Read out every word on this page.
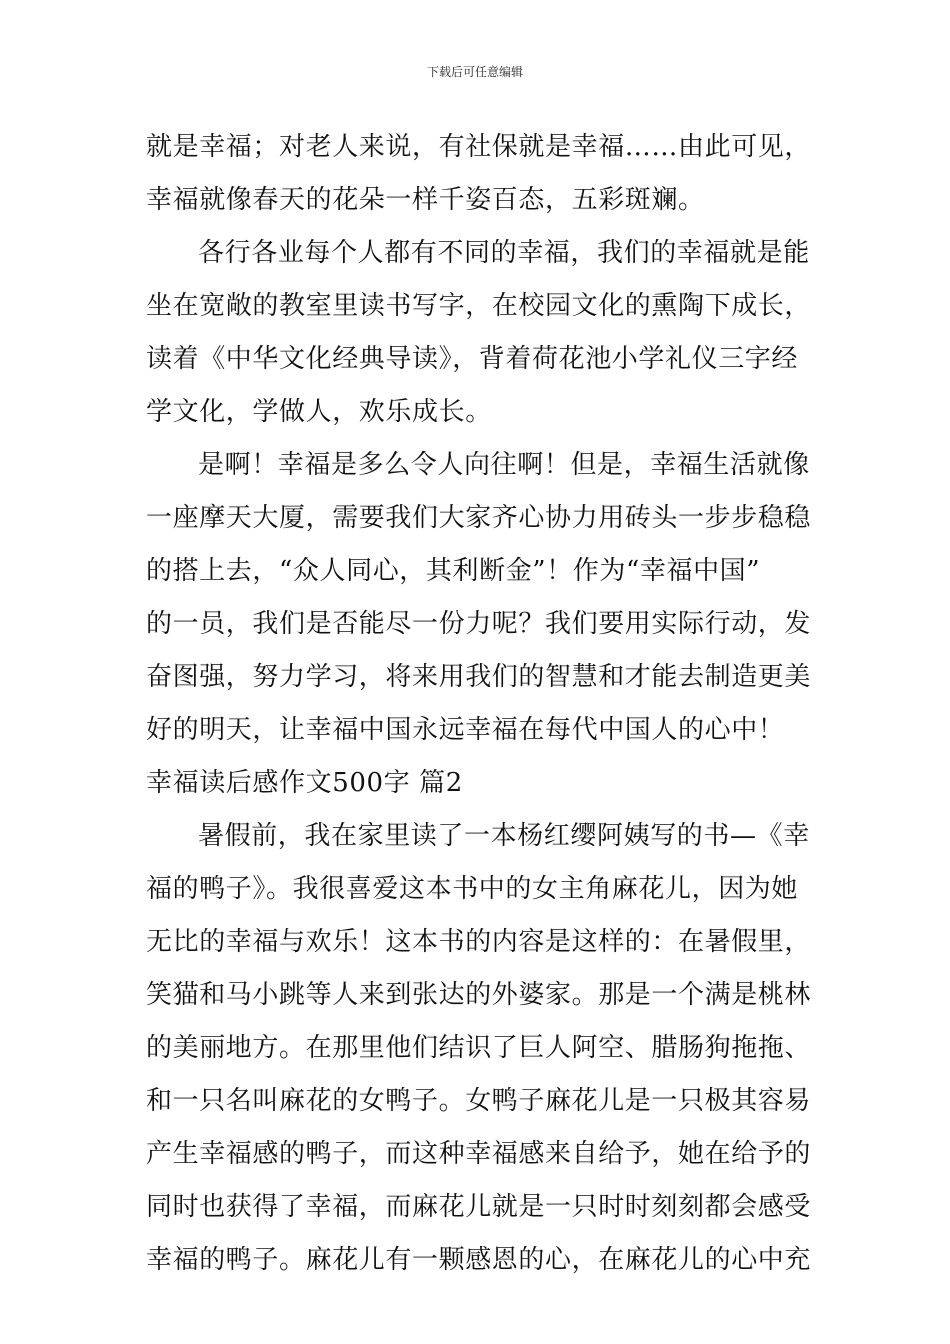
下载后可任意编辑
就是幸福；对老人来说，有社保就是幸福……由此可见，
幸福就像春天的花朵一样千姿百态，五彩斑斓。
各行各业每个人都有不同的幸福，我们的幸福就是能
坐在宽敞的教室里读书写字，在校园文化的熏陶下成长，
读着《中华文化经典导读》，背着荷花池小学礼仪三字经
学文化，学做人，欢乐成长。
是啊！幸福是多么令人向往啊！但是，幸福生活就像
一座摩天大厦，需要我们大家齐心协力用砖头一步步稳稳
的搭上去，“众人同心，其利断金”！作为“幸福中国”
的一员，我们是否能尽一份力呢？我们要用实际行动，发
奋图强，努力学习，将来用我们的智慧和才能去制造更美
好的明天，让幸福中国永远幸福在每代中国人的心中！
幸福读后感作文500字 篇2
暑假前，我在家里读了一本杨红缨阿姨写的书—《幸
福的鸭子》。我很喜爱这本书中的女主角麻花儿，因为她
无比的幸福与欢乐！这本书的内容是这样的：在暑假里，
笑猫和马小跳等人来到张达的外婆家。那是一个满是桃林
的美丽地方。在那里他们结识了巨人阿空、腊肠狗拖拖、
和一只名叫麻花的女鸭子。女鸭子麻花儿是一只极其容易
产生幸福感的鸭子，而这种幸福感来自给予，她在给予的
同时也获得了幸福，而麻花儿就是一只时时刻刻都会感受
幸福的鸭子。麻花儿有一颗感恩的心，在麻花儿的心中充
